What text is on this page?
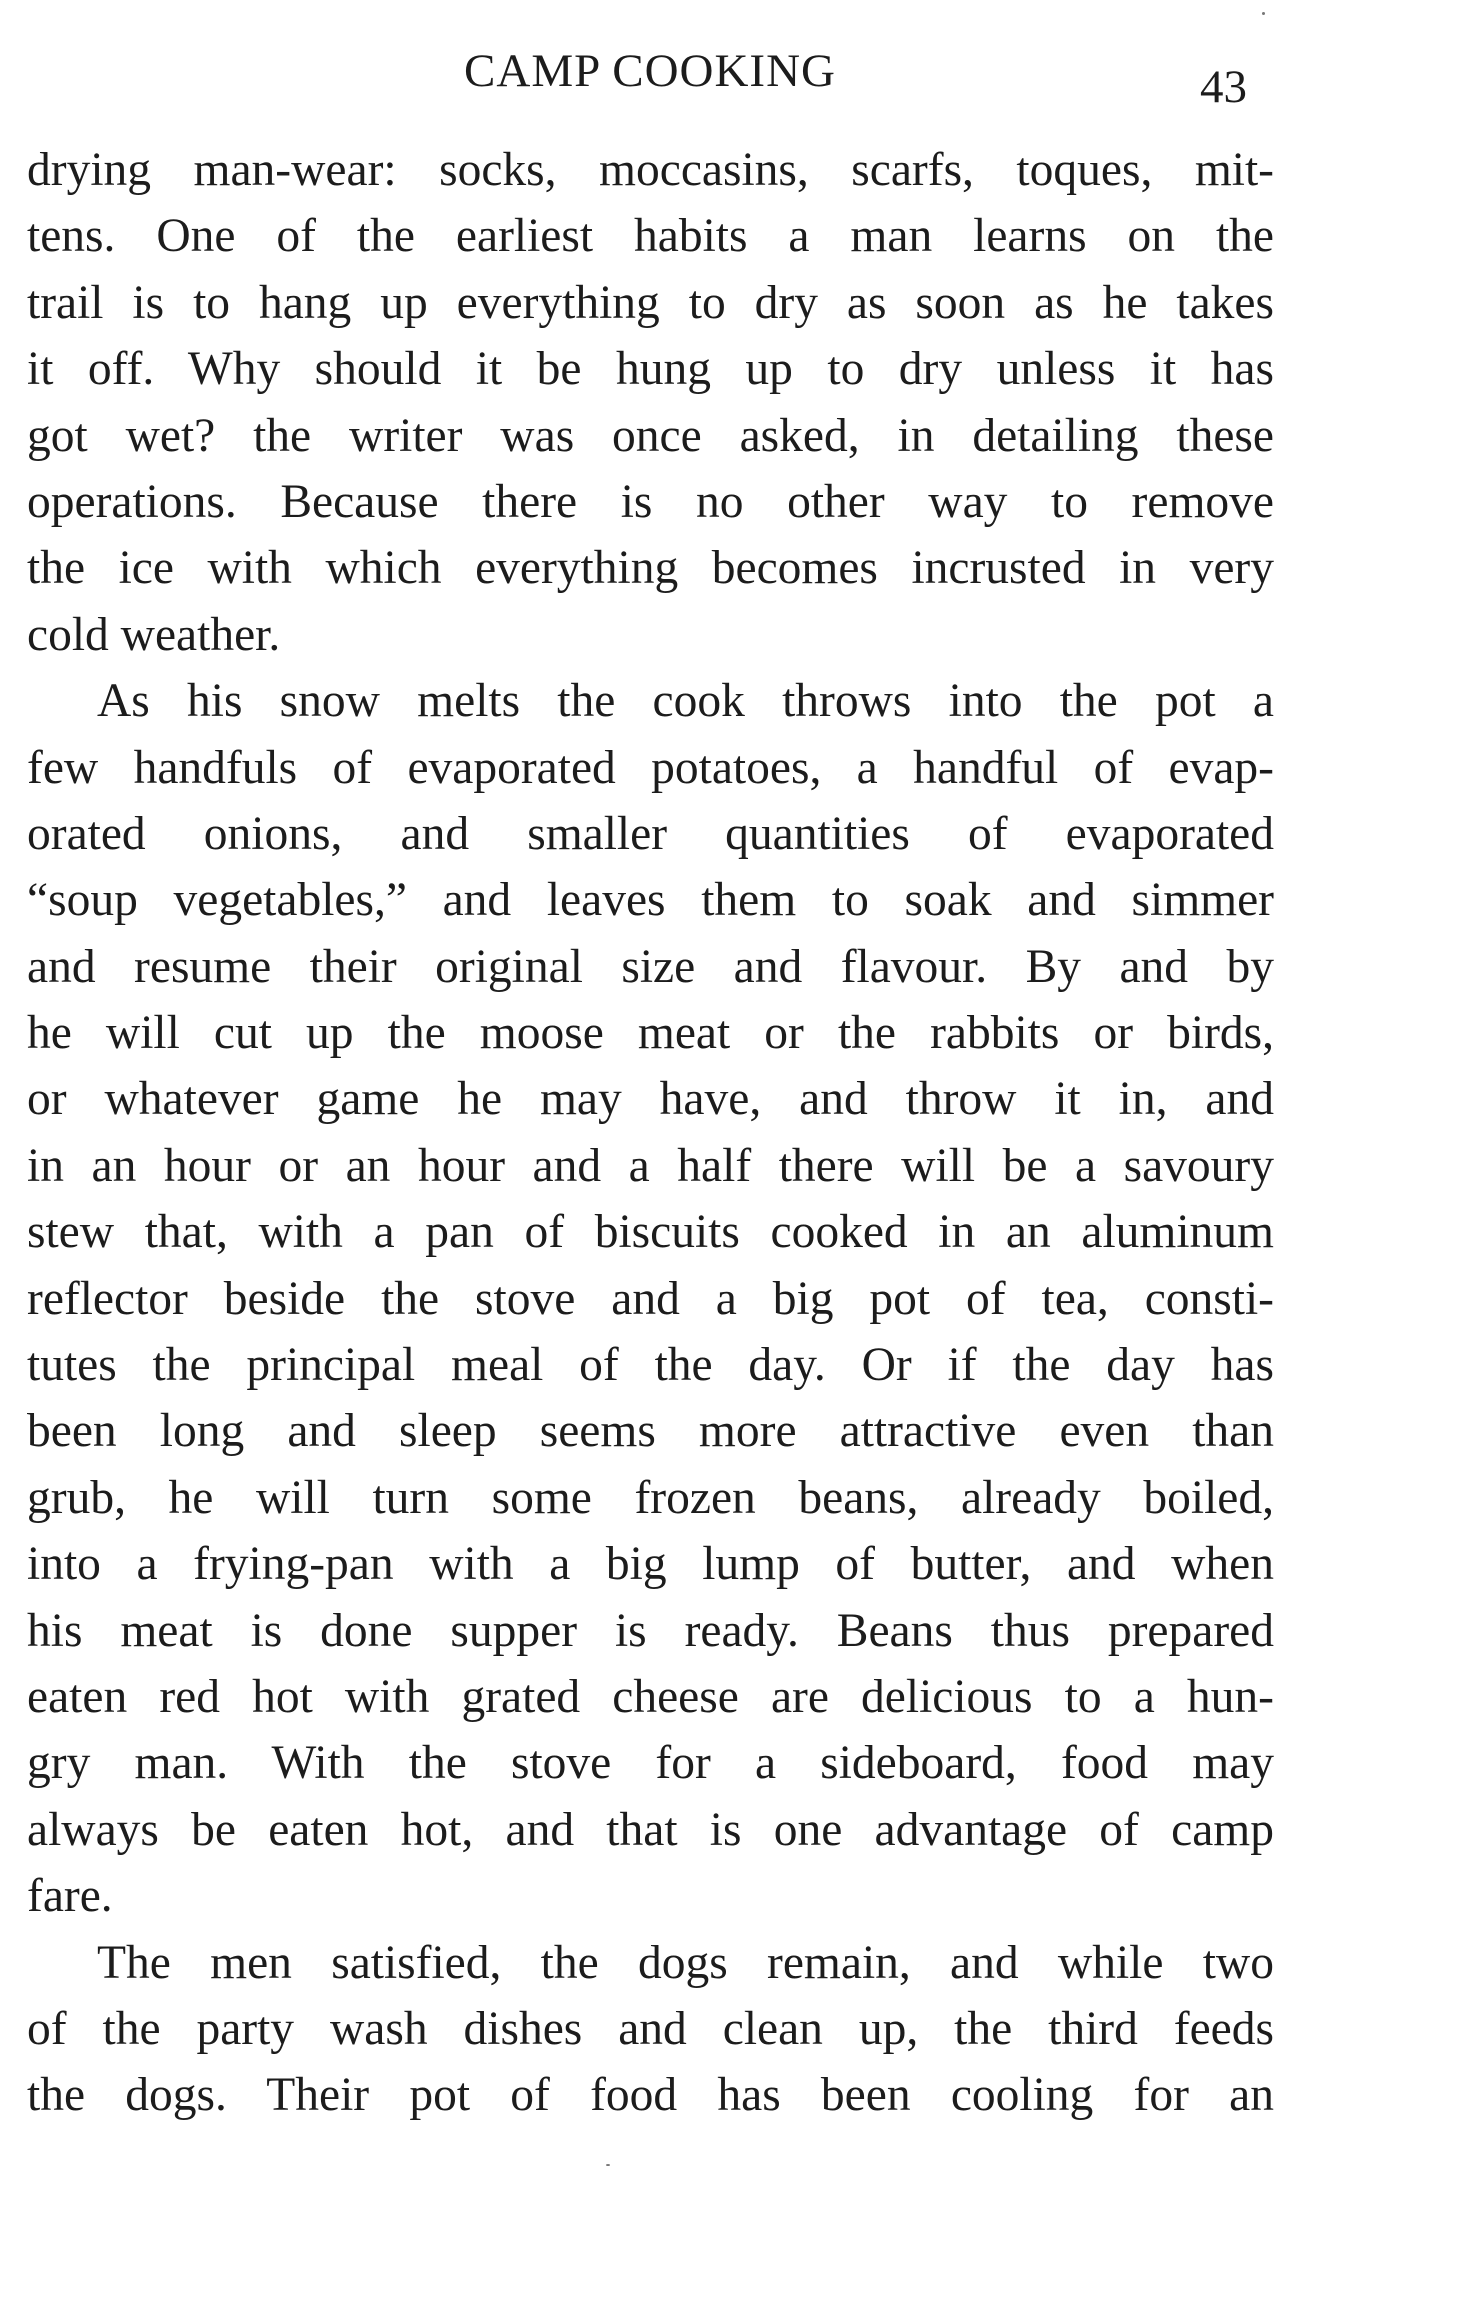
CAMP COOKING	43
drying man-wear: socks, moccasins, scarfs, toques, mit-
tens. One of the earliest habits a man learns on the
trail is to hang up everything to dry as soon as he takes
it off. Why should it be hung up to dry unless it has
got wet? the writer was once asked, in detailing these
operations. Because there is no other way to remove
the ice with which everything becomes incrusted in very
cold weather.
As his snow melts the cook throws into the pot a
few handfuls of evaporated potatoes, a handful of evap-
orated onions, and smaller quantities of evaporated
“soup vegetables,” and leaves them to soak and simmer
and resume their original size and flavour. By and by
he will cut up the moose meat or the rabbits or birds,
or whatever game he may have, and throw it in, and
in an hour or an hour and a half there will be a savoury
stew that, with a pan of biscuits cooked in an aluminum
reflector beside the stove and a big pot of tea, consti-
tutes the principal meal of the day. Or if the day has
been long and sleep seems more attractive even than
grub, he will turn some frozen beans, already boiled,
into a frying-pan with a big lump of butter, and when
his meat is done supper is ready. Beans thus prepared
eaten red hot with grated cheese are delicious to a hun-
gry man. With the stove for a sideboard, food may
always be eaten hot, and that is one advantage of camp
fare.
The men satisfied, the dogs remain, and while two
of the party wash dishes and clean up, the third feeds
the dogs. Their pot of food has been cooling for an
